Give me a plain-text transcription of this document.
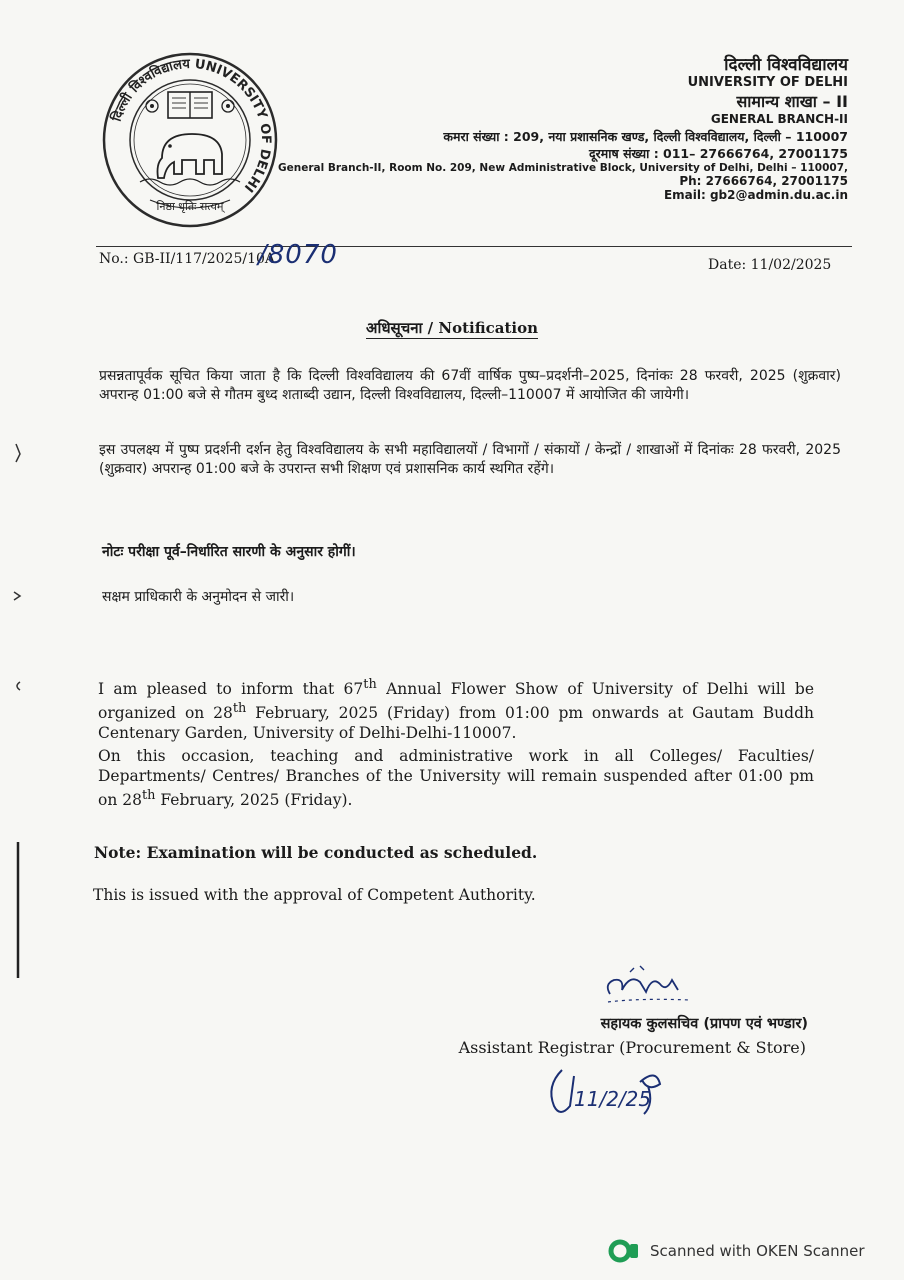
दिल्ली विश्वविद्यालय UNIVERSITY OF DELHI
निष्ठा धृतिः सत्यम्
दिल्ली विश्वविद्यालय
UNIVERSITY OF DELHI
सामान्य शाखा – II
GENERAL BRANCH-II
कमरा संख्या : 209, नया प्रशासनिक खण्ड, दिल्ली विश्वविद्यालय, दिल्ली – 110007
दूरमाष संख्या : 011– 27666764, 27001175
General Branch-II, Room No. 209, New Administrative Block, University of Delhi, Delhi – 110007,
Ph: 27666764, 27001175
Email: gb2@admin.du.ac.in
No.: GB-II/117/2025/10A
/8070	Date: 11/02/2025
अधिसूचना / Notification
प्रसन्नतापूर्वक सूचित किया जाता है कि दिल्ली विश्वविद्यालय की 67वीं वार्षिक पुष्प–प्रदर्शनी–2025, दिनांकः 28 फरवरी, 2025 (शुक्रवार) अपरान्ह 01:00 बजे से गौतम बुध्द शताब्दी उद्यान, दिल्ली विश्वविद्यालय, दिल्ली–110007 में आयोजित की जायेगी।
इस उपलक्ष्य में पुष्प प्रदर्शनी दर्शन हेतु विश्वविद्यालय के सभी महाविद्यालयों / विभागों / संकायों / केन्द्रों / शाखाओं में दिनांकः 28 फरवरी, 2025 (शुक्रवार) अपरान्ह 01:00 बजे के उपरान्त सभी शिक्षण एवं प्रशासनिक कार्य स्थगित रहेंगे।
नोटः परीक्षा पूर्व–निर्धारित सारणी के अनुसार होगीं।
सक्षम प्राधिकारी के अनुमोदन से जारी।
I am pleased to inform that 67th Annual Flower Show of University of Delhi will be organized on 28th February, 2025 (Friday) from 01:00 pm onwards at Gautam Buddh Centenary Garden, University of Delhi-Delhi-110007.
On this occasion, teaching and administrative work in all Colleges/ Faculties/ Departments/ Centres/ Branches of the University will remain suspended after 01:00 pm on 28th February, 2025 (Friday).
Note: Examination will be conducted as scheduled.
This is issued with the approval of Competent Authority.
सहायक कुलसचिव (प्रापण एवं भण्डार)
Assistant Registrar (Procurement & Store)
11/2/25
Scanned with OKEN Scanner
